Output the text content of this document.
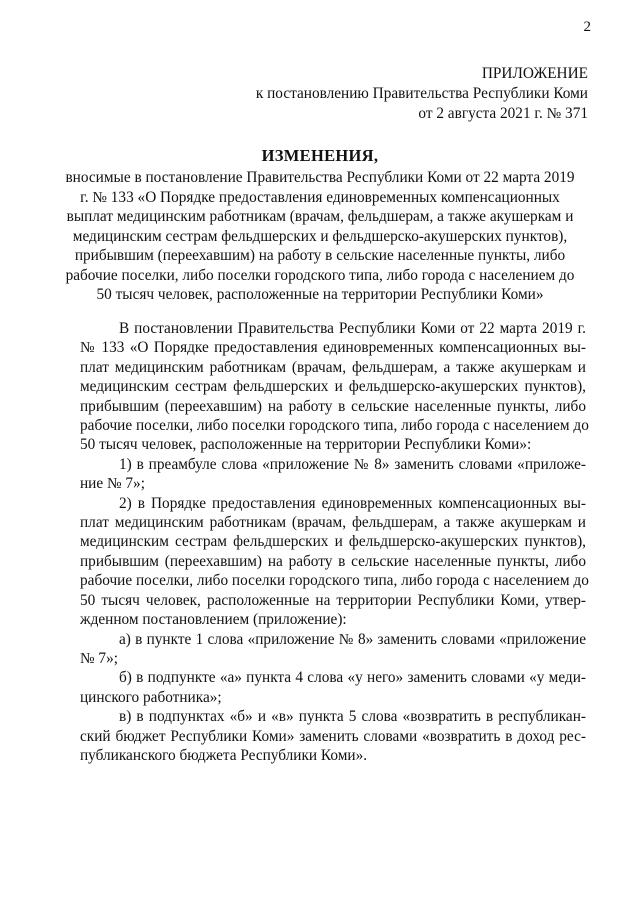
2
ПРИЛОЖЕНИЕ
к постановлению Правительства Республики Коми
от 2 августа 2021 г. № 371
ИЗМЕНЕНИЯ,
вносимые в постановление Правительства Республики Коми от 22 марта 2019
г. № 133 «О Порядке предоставления единовременных компенсационных
выплат медицинским работникам (врачам, фельдшерам, а также акушеркам и
медицинским сестрам фельдшерских и фельдшерско-акушерских пунктов),
прибывшим (переехавшим) на работу в сельские населенные пункты, либо
рабочие поселки, либо поселки городского типа, либо города с населением до
50 тысяч человек, расположенные на территории Республики Коми»
В постановлении Правительства Республики Коми от 22 марта 2019 г.
№ 133 «О Порядке предоставления единовременных компенсационных вы-
плат медицинским работникам (врачам, фельдшерам, а также акушеркам и
медицинским сестрам фельдшерских и фельдшерско-акушерских пунктов),
прибывшим (переехавшим) на работу в сельские населенные пункты, либо
рабочие поселки, либо поселки городского типа, либо города с населением до
50 тысяч человек, расположенные на территории Республики Коми»:
1) в преамбуле слова «приложение № 8» заменить словами «приложе-
ние № 7»;
2) в Порядке предоставления единовременных компенсационных вы-
плат медицинским работникам (врачам, фельдшерам, а также акушеркам и
медицинским сестрам фельдшерских и фельдшерско-акушерских пунктов),
прибывшим (переехавшим) на работу в сельские населенные пункты, либо
рабочие поселки, либо поселки городского типа, либо города с населением до
50 тысяч человек, расположенные на территории Республики Коми, утвер-
жденном постановлением (приложение):
а) в пункте 1 слова «приложение № 8» заменить словами «приложение
№ 7»;
б) в подпункте «а» пункта 4 слова «у него» заменить словами «у меди-
цинского работника»;
в) в подпунктах «б» и «в» пункта 5 слова «возвратить в республикан-
ский бюджет Республики Коми» заменить словами «возвратить в доход рес-
публиканского бюджета Республики Коми».
